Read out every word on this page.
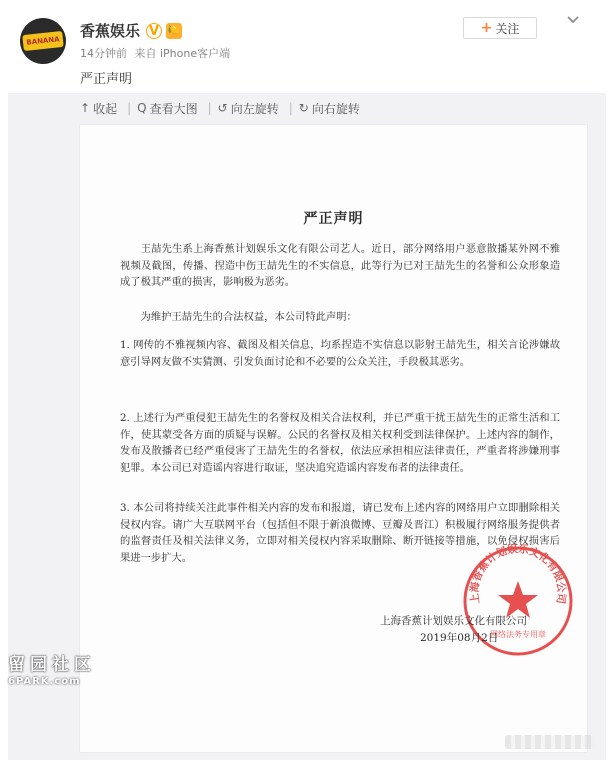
BANANA
香蕉娱乐 V 🍋
14分钟前 来自 iPhone客户端
严正声明
+ 关注
↑ 收起 | Q 查看大图 | ↺ 向左旋转 | ↻ 向右旋转
严正声明
王喆先生系上海香蕉计划娱乐文化有限公司艺人。近日，部分网络用户恶意散播某外网不雅视频及截图，传播、捏造中伤王喆先生的不实信息，此等行为已对王喆先生的名誉和公众形象造成了极其严重的损害，影响极为恶劣。
为维护王喆先生的合法权益，本公司特此声明：
1. 网传的不雅视频内容、截图及相关信息，均系捏造不实信息以影射王喆先生，相关言论涉嫌故意引导网友做不实猜测、引发负面讨论和不必要的公众关注，手段极其恶劣。
2. 上述行为严重侵犯王喆先生的名誉权及相关合法权利，并已严重干扰王喆先生的正常生活和工作，使其蒙受各方面的质疑与误解。公民的名誉权及相关权利受到法律保护。上述内容的制作，发布及散播者已经严重侵害了王喆先生的名誉权，依法应承担相应法律责任，严重者将涉嫌刑事犯罪。本公司已对造谣内容进行取证，坚决追究造谣内容发布者的法律责任。
3. 本公司将持续关注此事件相关内容的发布和报道，请已发布上述内容的网络用户立即删除相关侵权内容。请广大互联网平台（包括但不限于新浪微博、豆瓣及晋江）积极履行网络服务提供者的监督责任及相关法律义务，立即对相关侵权内容采取删除、断开链接等措施，以免侵权损害后果进一步扩大。
上海香蕉计划娱乐文化有限公司
网络法务专用章
上海香蕉计划娱乐文化有限公司
2019年08月2日
留园社区
6PARK.com
